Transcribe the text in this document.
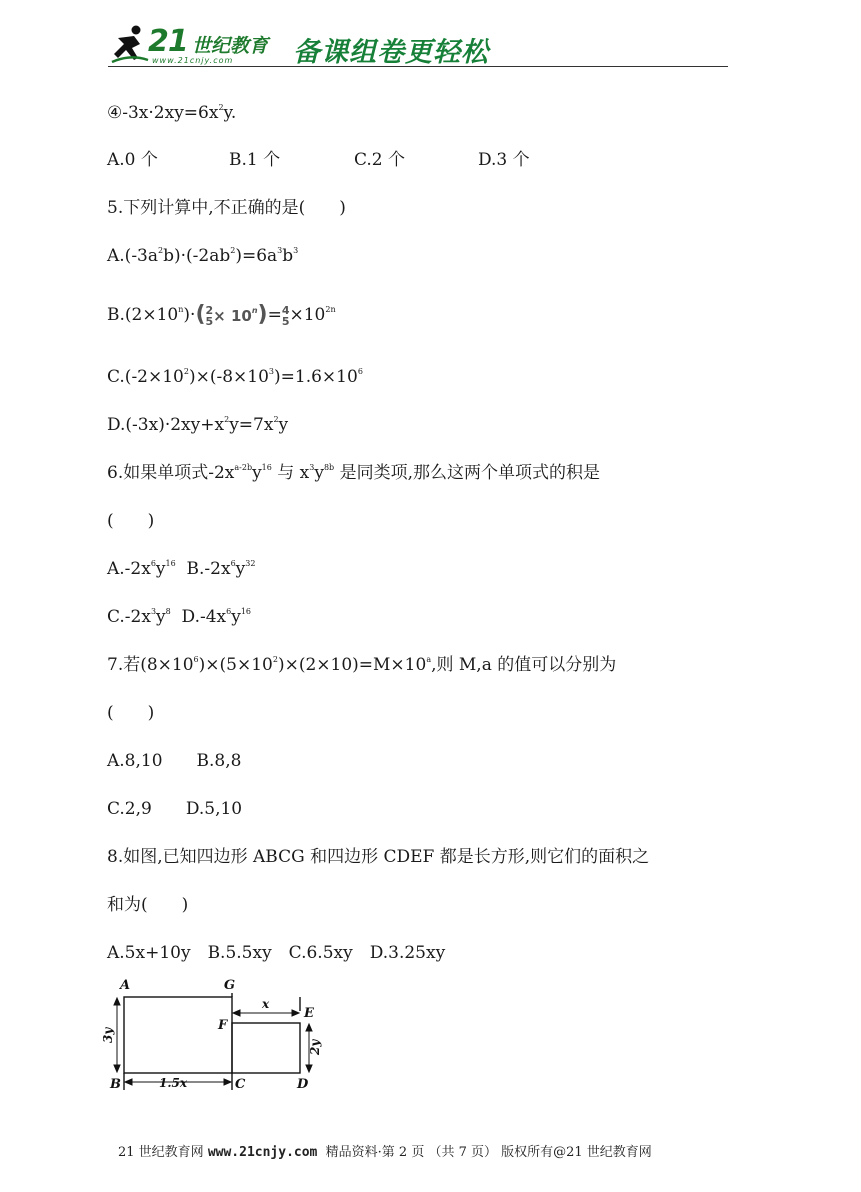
21 世纪教育
www.21cnjy.com 备课组卷更轻松
$④-3x\cdot 2xy=6x^2y$.
A.0 个	B.1 个	C.2 个	D.3 个
5.下列计算中,不正确的是(　　)
$A.(-3a^2b)\cdot(-2ab^2)=6a^3b^3$
$B.(2\times 10^n)\cdot(2$
$5\times 10^n)=4$
$5\times 10^{2n}$
$C.(-2\times 10^2)\times(-8\times 10^3)=1.6\times 10^6$
$D.(-3x)\cdot 2xy+x^2y=7x^2y$
6.如果单项式$-2x^{a-2b}y^{16}$ 与 $x^3y^{8b}$ 是同类项,那么这两个单项式的积是
(　　)
$A.-2x^6y^{16}$  $B.-2x^6y^{32}$
$C.-2x^3y^8$  $D.-4x^6y^{16}$
7.若$(8\times 10^6)\times(5\times 10^2)\times(2\times 10)=M\times 10^a$,则 M,a 的值可以分别为
(　　)
A.8,10　　B.8,8
C.2,9　　D.5,10
8.如图,已知四边形 ABCG 和四边形 CDEF 都是长方形,则它们的面积之
和为(　　)
A.5x+10y　B.5.5xy　C.6.5xy　D.3.25xy
A	G
E
F
B	C	D
1.5x
x
3y
2y
21 世纪教育网 www.21cnjy.com  精品资料·第 2 页 （共 7 页） 版权所有@21 世纪教育网
